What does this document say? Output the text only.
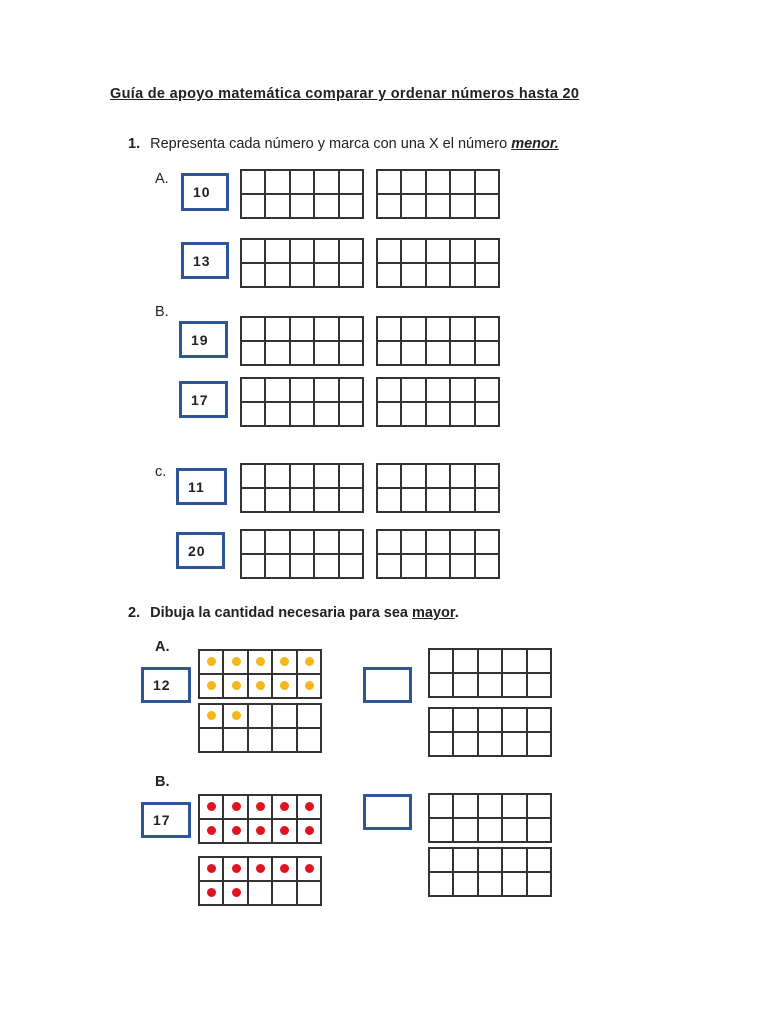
Guía de apoyo matemática comparar y ordenar números hasta 20
1. Representa cada número y marca con una X el número menor.
A.
10
13
B.
19
17
c.
11
20
2. Dibuja la cantidad necesaria para sea mayor.
A.
12
B.
17
